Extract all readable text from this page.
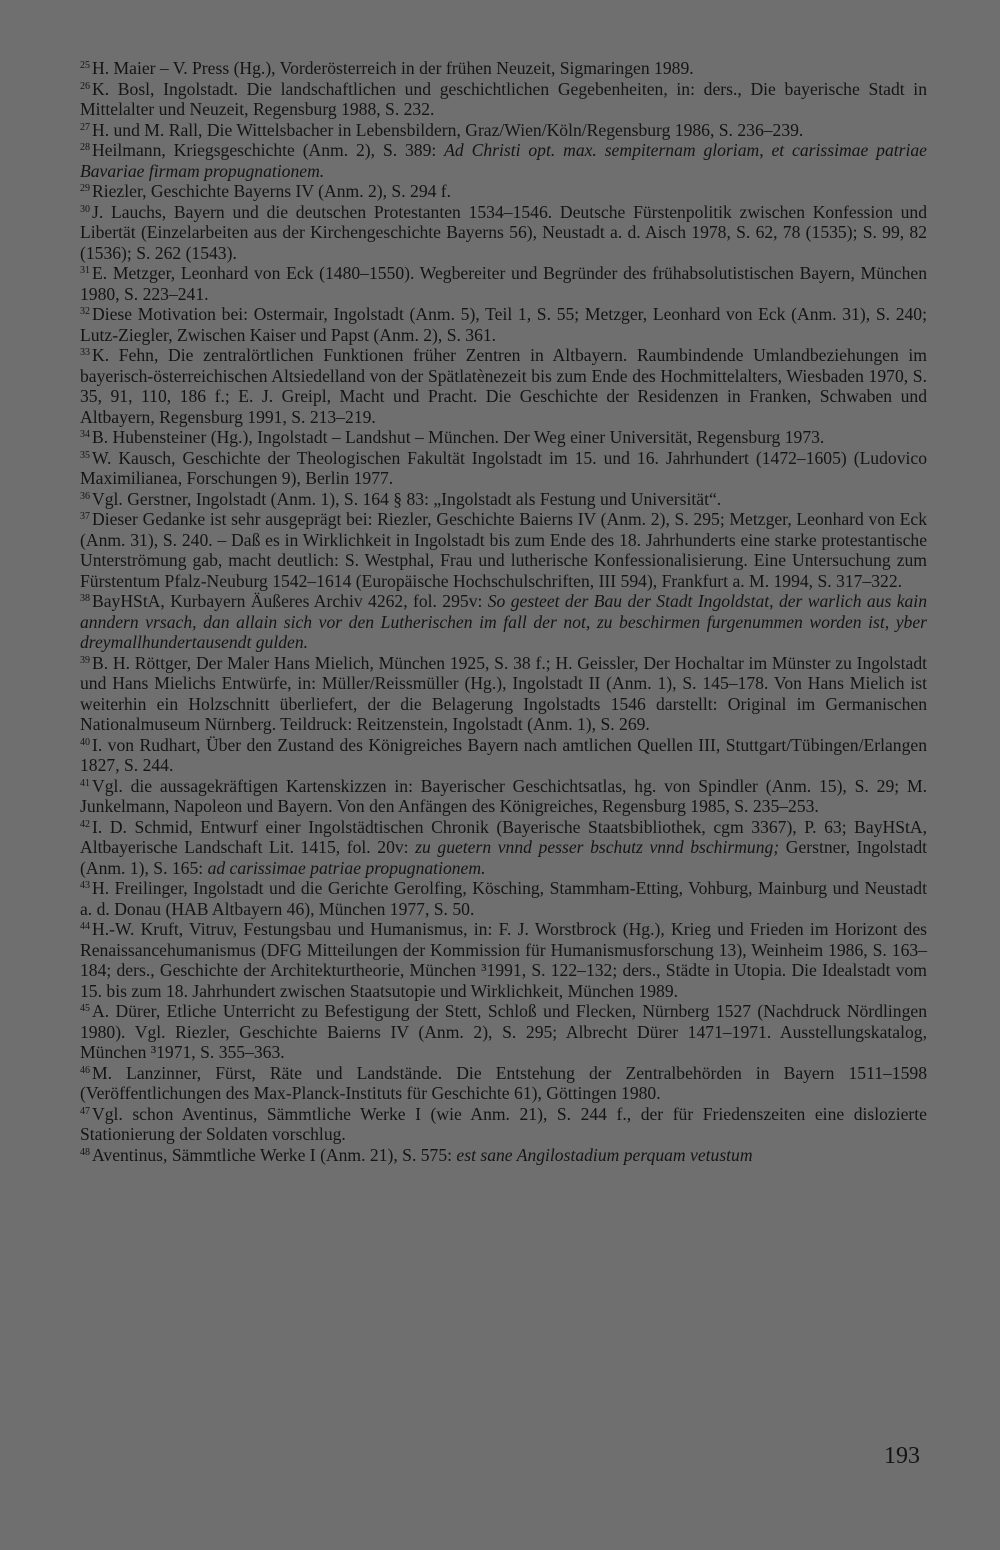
$^{25}$ H. Maier – V. Press (Hg.), Vorderösterreich in der frühen Neuzeit, Sigmaringen 1989.

$^{26}$ K. Bosl, Ingolstadt. Die landschaftlichen und geschichtlichen Gegebenheiten, in: ders., Die bayerische Stadt in Mittelalter und Neuzeit, Regensburg 1988, S. 232.

$^{27}$ H. und M. Rall, Die Wittelsbacher in Lebensbildern, Graz/Wien/Köln/Regensburg 1986, S. 236–239.

$^{28}$ Heilmann, Kriegsgeschichte (Anm. 2), S. 389: Ad Christi opt. max. sempiternam gloriam, et carissimae patriae Bavariae firmam propugnationem.

$^{29}$ Riezler, Geschichte Bayerns IV (Anm. 2), S. 294 f.

$^{30}$ J. Lauchs, Bayern und die deutschen Protestanten 1534–1546. Deutsche Fürstenpolitik zwischen Konfession und Libertät (Einzelarbeiten aus der Kirchengeschichte Bayerns 56), Neustadt a. d. Aisch 1978, S. 62, 78 (1535); S. 99, 82 (1536); S. 262 (1543).

$^{31}$ E. Metzger, Leonhard von Eck (1480–1550). Wegbereiter und Begründer des frühabsolutistischen Bayern, München 1980, S. 223–241.

$^{32}$ Diese Motivation bei: Ostermair, Ingolstadt (Anm. 5), Teil 1, S. 55; Metzger, Leonhard von Eck (Anm. 31), S. 240; Lutz-Ziegler, Zwischen Kaiser und Papst (Anm. 2), S. 361.

$^{33}$ K. Fehn, Die zentralörtlichen Funktionen früher Zentren in Altbayern. Raumbindende Umlandbeziehungen im bayerisch-österreichischen Altsiedelland von der Spätlatènezeit bis zum Ende des Hochmittelalters, Wiesbaden 1970, S. 35, 91, 110, 186 f.; E. J. Greipl, Macht und Pracht. Die Geschichte der Residenzen in Franken, Schwaben und Altbayern, Regensburg 1991, S. 213–219.

$^{34}$ B. Hubensteiner (Hg.), Ingolstadt – Landshut – München. Der Weg einer Universität, Regensburg 1973.

$^{35}$ W. Kausch, Geschichte der Theologischen Fakultät Ingolstadt im 15. und 16. Jahrhundert (1472–1605) (Ludovico Maximilianea, Forschungen 9), Berlin 1977.

$^{36}$ Vgl. Gerstner, Ingolstadt (Anm. 1), S. 164 § 83: „Ingolstadt als Festung und Universität“.

$^{37}$ Dieser Gedanke ist sehr ausgeprägt bei: Riezler, Geschichte Baierns IV (Anm. 2), S. 295; Metzger, Leonhard von Eck (Anm. 31), S. 240. – Daß es in Wirklichkeit in Ingolstadt bis zum Ende des 18. Jahrhunderts eine starke protestantische Unterströmung gab, macht deutlich: S. Westphal, Frau und lutherische Konfessionalisierung. Eine Untersuchung zum Fürstentum Pfalz-Neuburg 1542–1614 (Europäische Hochschulschriften, III 594), Frankfurt a. M. 1994, S. 317–322.

$^{38}$ BayHStA, Kurbayern Äußeres Archiv 4262, fol. 295v: So gesteet der Bau der Stadt Ingoldstat, der warlich aus kain anndern vrsach, dan allain sich vor den Lutherischen im fall der not, zu beschirmen furgenummen worden ist, yber dreymallhundertausendt gulden.

$^{39}$ B. H. Röttger, Der Maler Hans Mielich, München 1925, S. 38 f.; H. Geissler, Der Hochaltar im Münster zu Ingolstadt und Hans Mielichs Entwürfe, in: Müller/Reissmüller (Hg.), Ingolstadt II (Anm. 1), S. 145–178. Von Hans Mielich ist weiterhin ein Holzschnitt überliefert, der die Belagerung Ingolstadts 1546 darstellt: Original im Germanischen Nationalmuseum Nürnberg. Teildruck: Reitzenstein, Ingolstadt (Anm. 1), S. 269.

$^{40}$ I. von Rudhart, Über den Zustand des Königreiches Bayern nach amtlichen Quellen III, Stuttgart/Tübingen/Erlangen 1827, S. 244.

$^{41}$ Vgl. die aussagekräftigen Kartenskizzen in: Bayerischer Geschichtsatlas, hg. von Spindler (Anm. 15), S. 29; M. Junkelmann, Napoleon und Bayern. Von den Anfängen des Königreiches, Regensburg 1985, S. 235–253.

$^{42}$ I. D. Schmid, Entwurf einer Ingolstädtischen Chronik (Bayerische Staatsbibliothek, cgm 3367), P. 63; BayHStA, Altbayerische Landschaft Lit. 1415, fol. 20v: zu guetern vnnd pesser bschutz vnnd bschirmung; Gerstner, Ingolstadt (Anm. 1), S. 165: ad carissimae patriae propugnationem.

$^{43}$ H. Freilinger, Ingolstadt und die Gerichte Gerolfing, Kösching, Stammham-Etting, Vohburg, Mainburg und Neustadt a. d. Donau (HAB Altbayern 46), München 1977, S. 50.

$^{44}$ H.-W. Kruft, Vitruv, Festungsbau und Humanismus, in: F. J. Worstbrock (Hg.), Krieg und Frieden im Horizont des Renaissancehumanismus (DFG Mitteilungen der Kommission für Humanismusforschung 13), Weinheim 1986, S. 163–184; ders., Geschichte der Architekturtheorie, München ³1991, S. 122–132; ders., Städte in Utopia. Die Idealstadt vom 15. bis zum 18. Jahrhundert zwischen Staatsutopie und Wirklichkeit, München 1989.

$^{45}$ A. Dürer, Etliche Unterricht zu Befestigung der Stett, Schloß und Flecken, Nürnberg 1527 (Nachdruck Nördlingen 1980). Vgl. Riezler, Geschichte Baierns IV (Anm. 2), S. 295; Albrecht Dürer 1471–1971. Ausstellungskatalog, München ³1971, S. 355–363.

$^{46}$ M. Lanzinner, Fürst, Räte und Landstände. Die Entstehung der Zentralbehörden in Bayern 1511–1598 (Veröffentlichungen des Max-Planck-Instituts für Geschichte 61), Göttingen 1980.

$^{47}$ Vgl. schon Aventinus, Sämmtliche Werke I (wie Anm. 21), S. 244 f., der für Friedenszeiten eine dislozierte Stationierung der Soldaten vorschlug.

$^{48}$ Aventinus, Sämmtliche Werke I (Anm. 21), S. 575: est sane Angilostadium perquam vetustum

193
